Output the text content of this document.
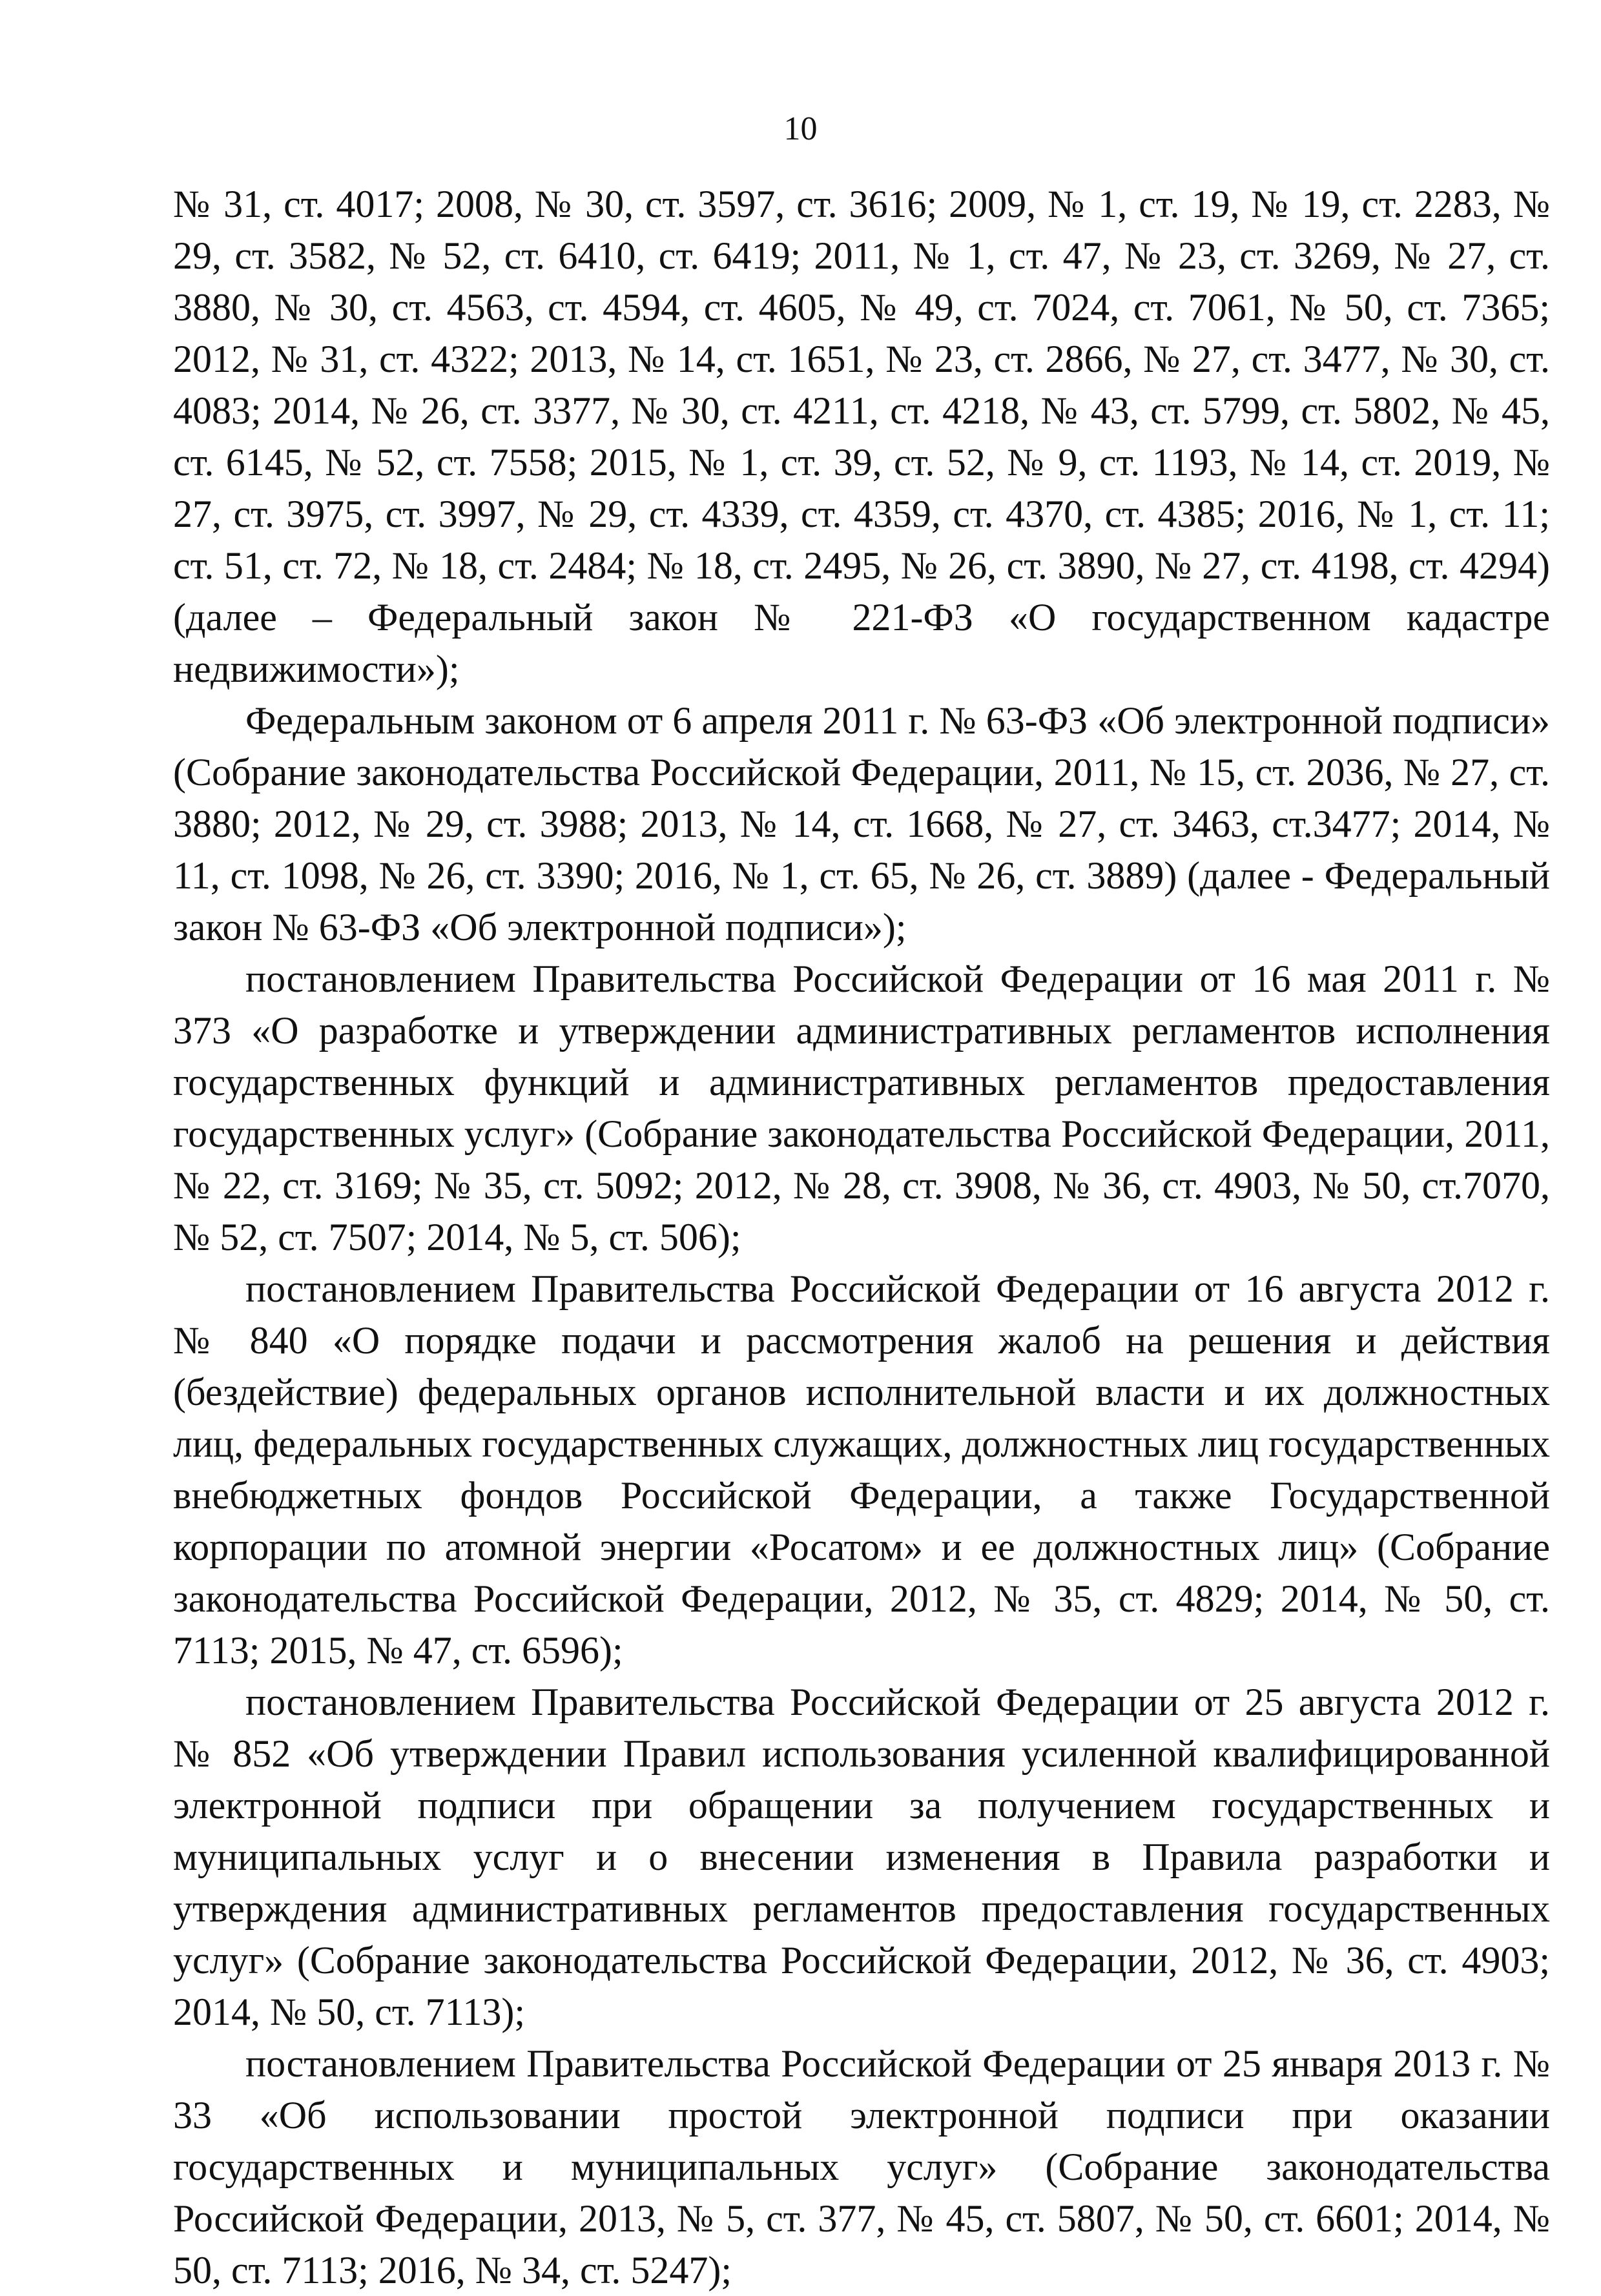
10

№ 31, ст. 4017; 2008, № 30, ст. 3597, ст. 3616; 2009, № 1, ст. 19, № 19, ст. 2283, № 29, ст. 3582, № 52, ст. 6410, ст. 6419; 2011, № 1, ст. 47, № 23, ст. 3269, № 27, ст. 3880, № 30, ст. 4563, ст. 4594, ст. 4605, № 49, ст. 7024, ст. 7061, № 50, ст. 7365; 2012, № 31, ст. 4322; 2013, № 14, ст. 1651, № 23, ст. 2866, № 27, ст. 3477, № 30, ст. 4083; 2014, № 26, ст. 3377, № 30, ст. 4211, ст. 4218, № 43, ст. 5799, ст. 5802, № 45, ст. 6145, № 52, ст. 7558; 2015, № 1, ст. 39, ст. 52, № 9, ст. 1193, № 14, ст. 2019, № 27, ст. 3975, ст. 3997, № 29, ст. 4339, ст. 4359, ст. 4370, ст. 4385; 2016, № 1, ст. 11; ст. 51, ст. 72, № 18, ст. 2484; № 18, ст. 2495, № 26, ст. 3890, № 27, ст. 4198, ст. 4294) (далее – Федеральный закон № 221-ФЗ «О государственном кадастре недвижимости»);

Федеральным законом от 6 апреля 2011 г. № 63-ФЗ «Об электронной подписи» (Собрание законодательства Российской Федерации, 2011, № 15, ст. 2036, № 27, ст. 3880; 2012, № 29, ст. 3988; 2013, № 14, ст. 1668, № 27, ст. 3463, ст.3477; 2014, № 11, ст. 1098, № 26, ст. 3390; 2016, № 1, ст. 65, № 26, ст. 3889) (далее - Федеральный закон № 63-ФЗ «Об электронной подписи»);

постановлением Правительства Российской Федерации от 16 мая 2011 г. № 373 «О разработке и утверждении административных регламентов исполнения государственных функций и административных регламентов предоставления государственных услуг» (Собрание законодательства Российской Федерации, 2011, № 22, ст. 3169; № 35, ст. 5092; 2012, № 28, ст. 3908, № 36, ст. 4903, № 50, ст.7070, № 52, ст. 7507; 2014, № 5, ст. 506);

постановлением Правительства Российской Федерации от 16 августа 2012 г. № 840 «О порядке подачи и рассмотрения жалоб на решения и действия (бездействие) федеральных органов исполнительной власти и их должностных лиц, федеральных государственных служащих, должностных лиц государственных внебюджетных фондов Российской Федерации, а также Государственной корпорации по атомной энергии «Росатом» и ее должностных лиц» (Собрание законодательства Российской Федерации, 2012, № 35, ст. 4829; 2014, № 50, ст. 7113; 2015, № 47, ст. 6596);

постановлением Правительства Российской Федерации от 25 августа 2012 г. № 852 «Об утверждении Правил использования усиленной квалифицированной электронной подписи при обращении за получением государственных и муниципальных услуг и о внесении изменения в Правила разработки и утверждения административных регламентов предоставления государственных услуг» (Собрание законодательства Российской Федерации, 2012, № 36, ст. 4903; 2014, № 50, ст. 7113);

постановлением Правительства Российской Федерации от 25 января 2013 г. № 33 «Об использовании простой электронной подписи при оказании государственных и муниципальных услуг» (Собрание законодательства Российской Федерации, 2013, № 5, ст. 377, № 45, ст. 5807, № 50, ст. 6601; 2014, № 50, ст. 7113; 2016, № 34, ст. 5247);
